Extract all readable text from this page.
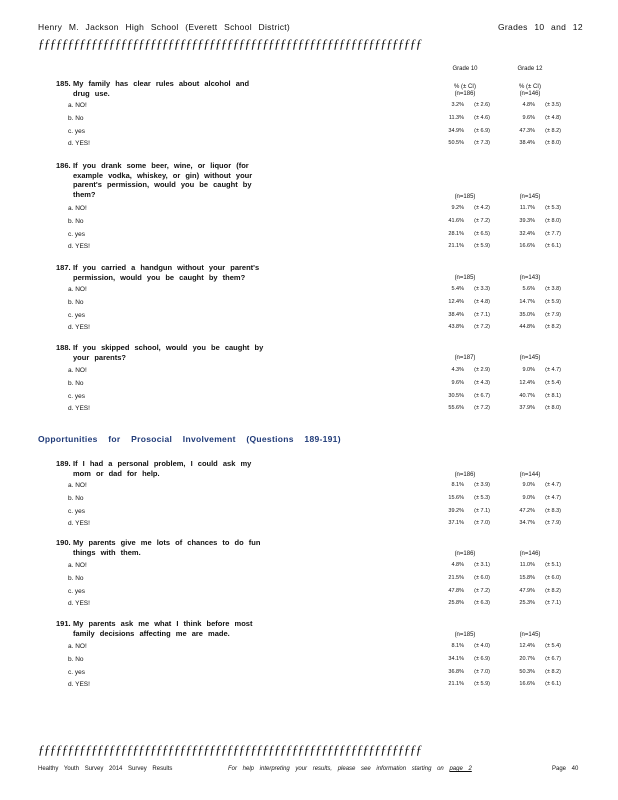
Henry M. Jackson High School (Everett School District)	Grades 10 and 12
ƒƒƒƒƒƒƒƒƒƒƒƒƒƒƒƒƒƒƒƒƒƒƒƒƒƒƒƒƒƒƒƒƒƒƒƒƒƒƒƒƒƒƒƒƒƒƒƒƒƒƒƒƒƒƒƒƒƒƒƒƒƒƒƒƒ
Grade 10	Grade 12
185. My family has clear rules about alcohol and
drug use.
% (± CI)	% (± CI)
(n=186)	(n=146)
a. NO!	3.2%	(± 2.6)	4.8%	(± 3.5)
b. No	11.3%	(± 4.6)	9.6%	(± 4.8)
c. yes	34.9%	(± 6.9)	47.3%	(± 8.2)
d. YES!	50.5%	(± 7.3)	38.4%	(± 8.0)
186. If you drank some beer, wine, or liquor (for
example vodka, whiskey, or gin) without your
parent's permission, would you be caught by
them?	(n=185)	(n=145)
a. NO!	9.2%	(± 4.2)	11.7%	(± 5.3)
b. No	41.6%	(± 7.2)	39.3%	(± 8.0)
c. yes	28.1%	(± 6.5)	32.4%	(± 7.7)
d. YES!	21.1%	(± 5.9)	16.6%	(± 6.1)
187. If you carried a handgun without your parent's
permission, would you be caught by them?	(n=185)	(n=143)
a. NO!	5.4%	(± 3.3)	5.6%	(± 3.8)
b. No	12.4%	(± 4.8)	14.7%	(± 5.9)
c. yes	38.4%	(± 7.1)	35.0%	(± 7.9)
d. YES!	43.8%	(± 7.2)	44.8%	(± 8.2)
188. If you skipped school, would you be caught by
your parents?	(n=187)	(n=145)
a. NO!	4.3%	(± 2.9)	9.0%	(± 4.7)
b. No	9.6%	(± 4.3)	12.4%	(± 5.4)
c. yes	30.5%	(± 6.7)	40.7%	(± 8.1)
d. YES!	55.6%	(± 7.2)	37.9%	(± 8.0)
189. If I had a personal problem, I could ask my
mom or dad for help.	(n=186)	(n=144)
a. NO!	8.1%	(± 3.9)	9.0%	(± 4.7)
b. No	15.6%	(± 5.3)	9.0%	(± 4.7)
c. yes	39.2%	(± 7.1)	47.2%	(± 8.3)
d. YES!	37.1%	(± 7.0)	34.7%	(± 7.9)
190. My parents give me lots of chances to do fun
things with them.	(n=186)	(n=146)
a. NO!	4.8%	(± 3.1)	11.0%	(± 5.1)
b. No	21.5%	(± 6.0)	15.8%	(± 6.0)
c. yes	47.8%	(± 7.2)	47.9%	(± 8.2)
d. YES!	25.8%	(± 6.3)	25.3%	(± 7.1)
191. My parents ask me what I think before most
family decisions affecting me are made.	(n=185)	(n=145)
a. NO!	8.1%	(± 4.0)	12.4%	(± 5.4)
b. No	34.1%	(± 6.9)	20.7%	(± 6.7)
c. yes	36.8%	(± 7.0)	50.3%	(± 8.2)
d. YES!	21.1%	(± 5.9)	16.6%	(± 6.1)
Opportunities for Prosocial Involvement (Questions 189-191)
ƒƒƒƒƒƒƒƒƒƒƒƒƒƒƒƒƒƒƒƒƒƒƒƒƒƒƒƒƒƒƒƒƒƒƒƒƒƒƒƒƒƒƒƒƒƒƒƒƒƒƒƒƒƒƒƒƒƒƒƒƒƒƒƒƒ
Healthy Youth Survey 2014 Survey Results	For help interpreting your results, please see information starting on page 2	Page 40
